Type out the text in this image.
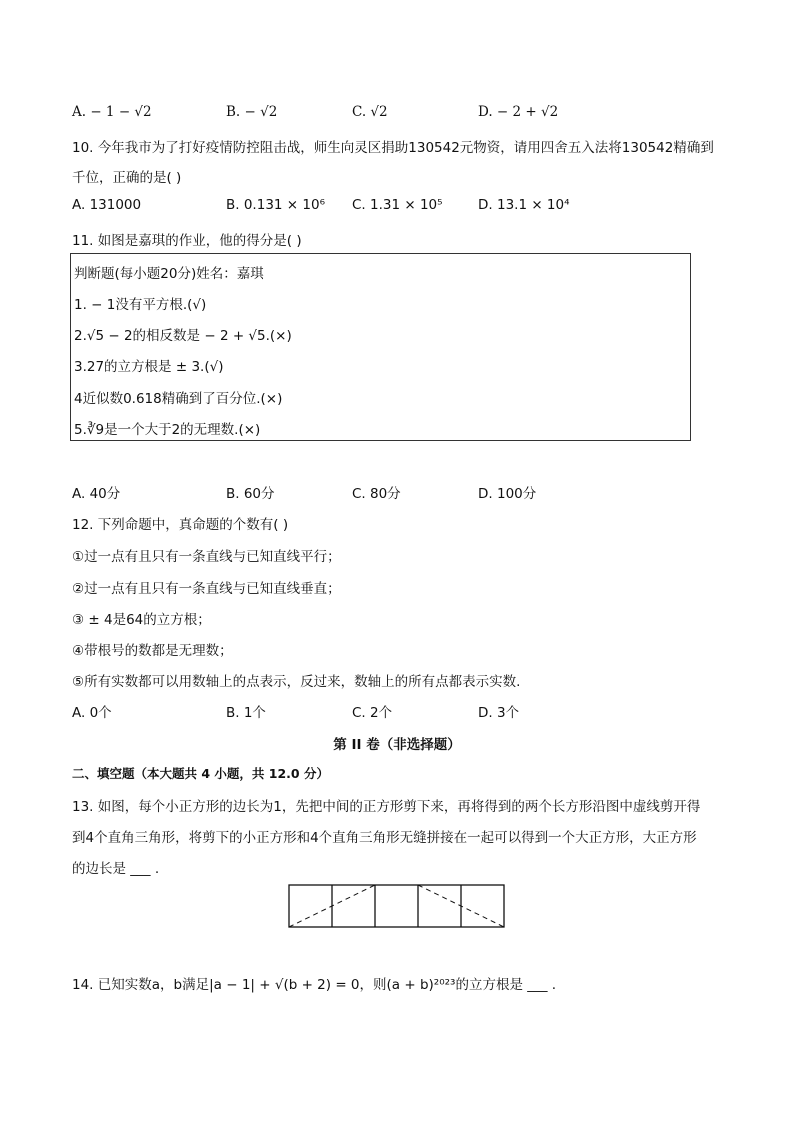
A. − 1 − √2	B. − √2	C. √2	D. − 2 + √2
10. 今年我市为了打好疫情防控阻击战，师生向灵区捐助130542元物资，请用四舍五入法将130542精确到
千位，正确的是( )
A. 131000	B. 0.131 × 10⁶ C. 1.31 × 10⁵	D. 13.1 × 10⁴
11. 如图是嘉琪的作业，他的得分是( )
判断题(每小题20分)姓名：嘉琪
1. − 1没有平方根.(√)
2.√5 − 2的相反数是 − 2 + √5.(×)
3.27的立方根是 ± 3.(√)
4近似数0.618精确到了百分位.(×)
5.∛9是一个大于2的无理数.(×)
A. 40分	B. 60分	C. 80分	D. 100分
12. 下列命题中，真命题的个数有( )
①过一点有且只有一条直线与已知直线平行；
②过一点有且只有一条直线与已知直线垂直；
③ ± 4是64的立方根；
④带根号的数都是无理数；
⑤所有实数都可以用数轴上的点表示，反过来，数轴上的所有点都表示实数.
A. 0个	B. 1个	C. 2个	D. 3个
第 II 卷（非选择题）
二、填空题（本大题共 4 小题，共 12.0 分）
13. 如图，每个小正方形的边长为1，先把中间的正方形剪下来，再将得到的两个长方形沿图中虚线剪开得
到4个直角三角形，将剪下的小正方形和4个直角三角形无缝拼接在一起可以得到一个大正方形，大正方形
的边长是 ___ .
14. 已知实数a，b满足|a − 1| + √(b + 2) = 0，则(a + b)²⁰²³的立方根是 ___ .
